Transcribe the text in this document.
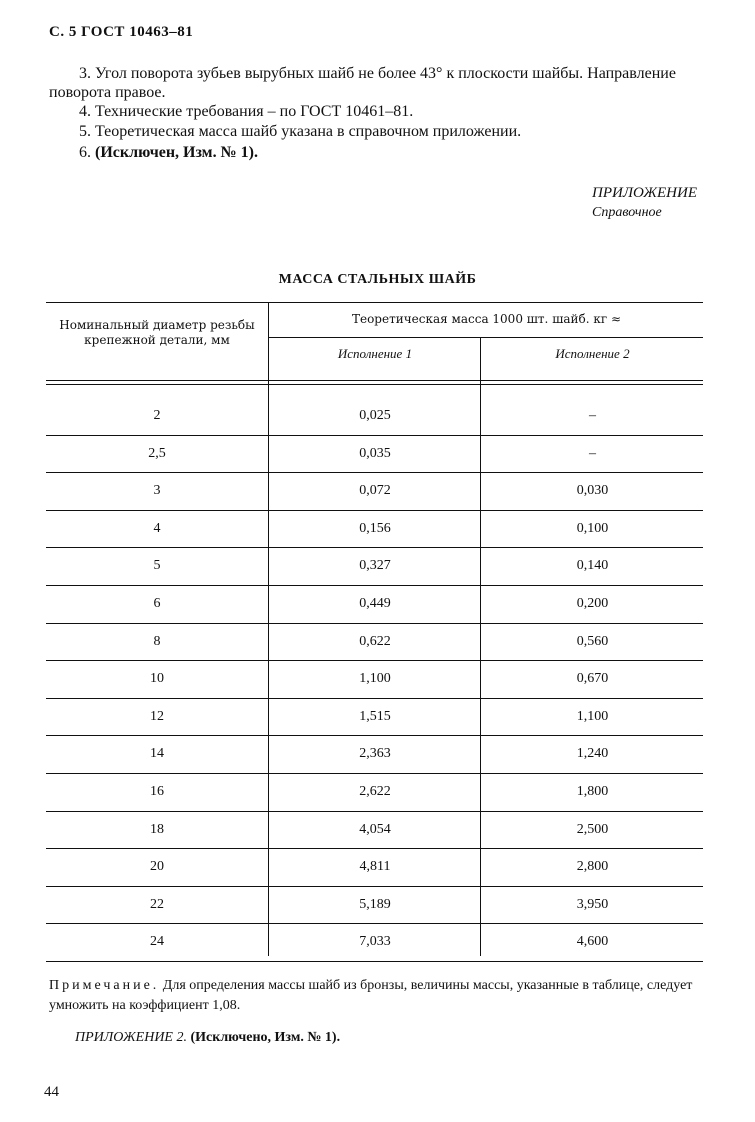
С. 5 ГОСТ 10463–81
3. Угол поворота зубьев вырубных шайб не более 43° к плоскости шайбы. Направление поворота правое.
4. Технические требования – по ГОСТ 10461–81.
5. Теоретическая масса шайб указана в справочном приложении.
6. (Исключен, Изм. № 1).
ПРИЛОЖЕНИЕ
Справочное
МАССА СТАЛЬНЫХ ШАЙБ
Номинальный диаметр резьбы крепежной детали, мм
Теоретическая масса 1000 шт. шайб. кг ≈
Исполнение 1	Исполнение 2
2	0,025	–
2,5	0,035	–
3	0,072	0,030
4	0,156	0,100
5	0,327	0,140
6	0,449	0,200
8	0,622	0,560
10	1,100	0,670
12	1,515	1,100
14	2,363	1,240
16	2,622	1,800
18	4,054	2,500
20	4,811	2,800
22	5,189	3,950
24	7,033	4,600
Примечание. Для определения массы шайб из бронзы, величины массы, указанные в таблице, следует умножить на коэффициент 1,08.
ПРИЛОЖЕНИЕ 2. (Исключено, Изм. № 1).
44
